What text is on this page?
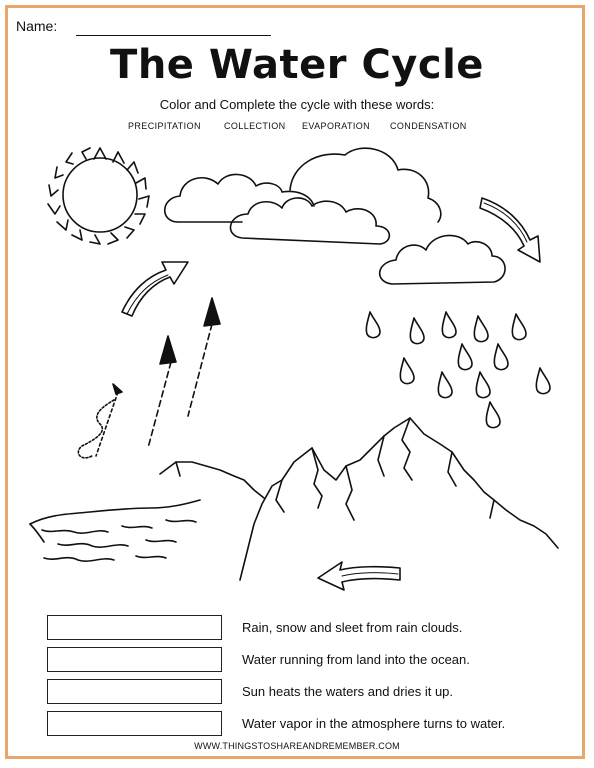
Name:
The Water Cycle
Color and Complete the cycle with these words:
PRECIPITATION	COLLECTION EVAPORATION CONDENSATION
Rain, snow and sleet from rain clouds.
Water running from land into the ocean.
Sun heats the waters and dries it up.
Water vapor in the atmosphere turns to water.
WWW.THINGSTOSHAREANDREMEMBER.COM
